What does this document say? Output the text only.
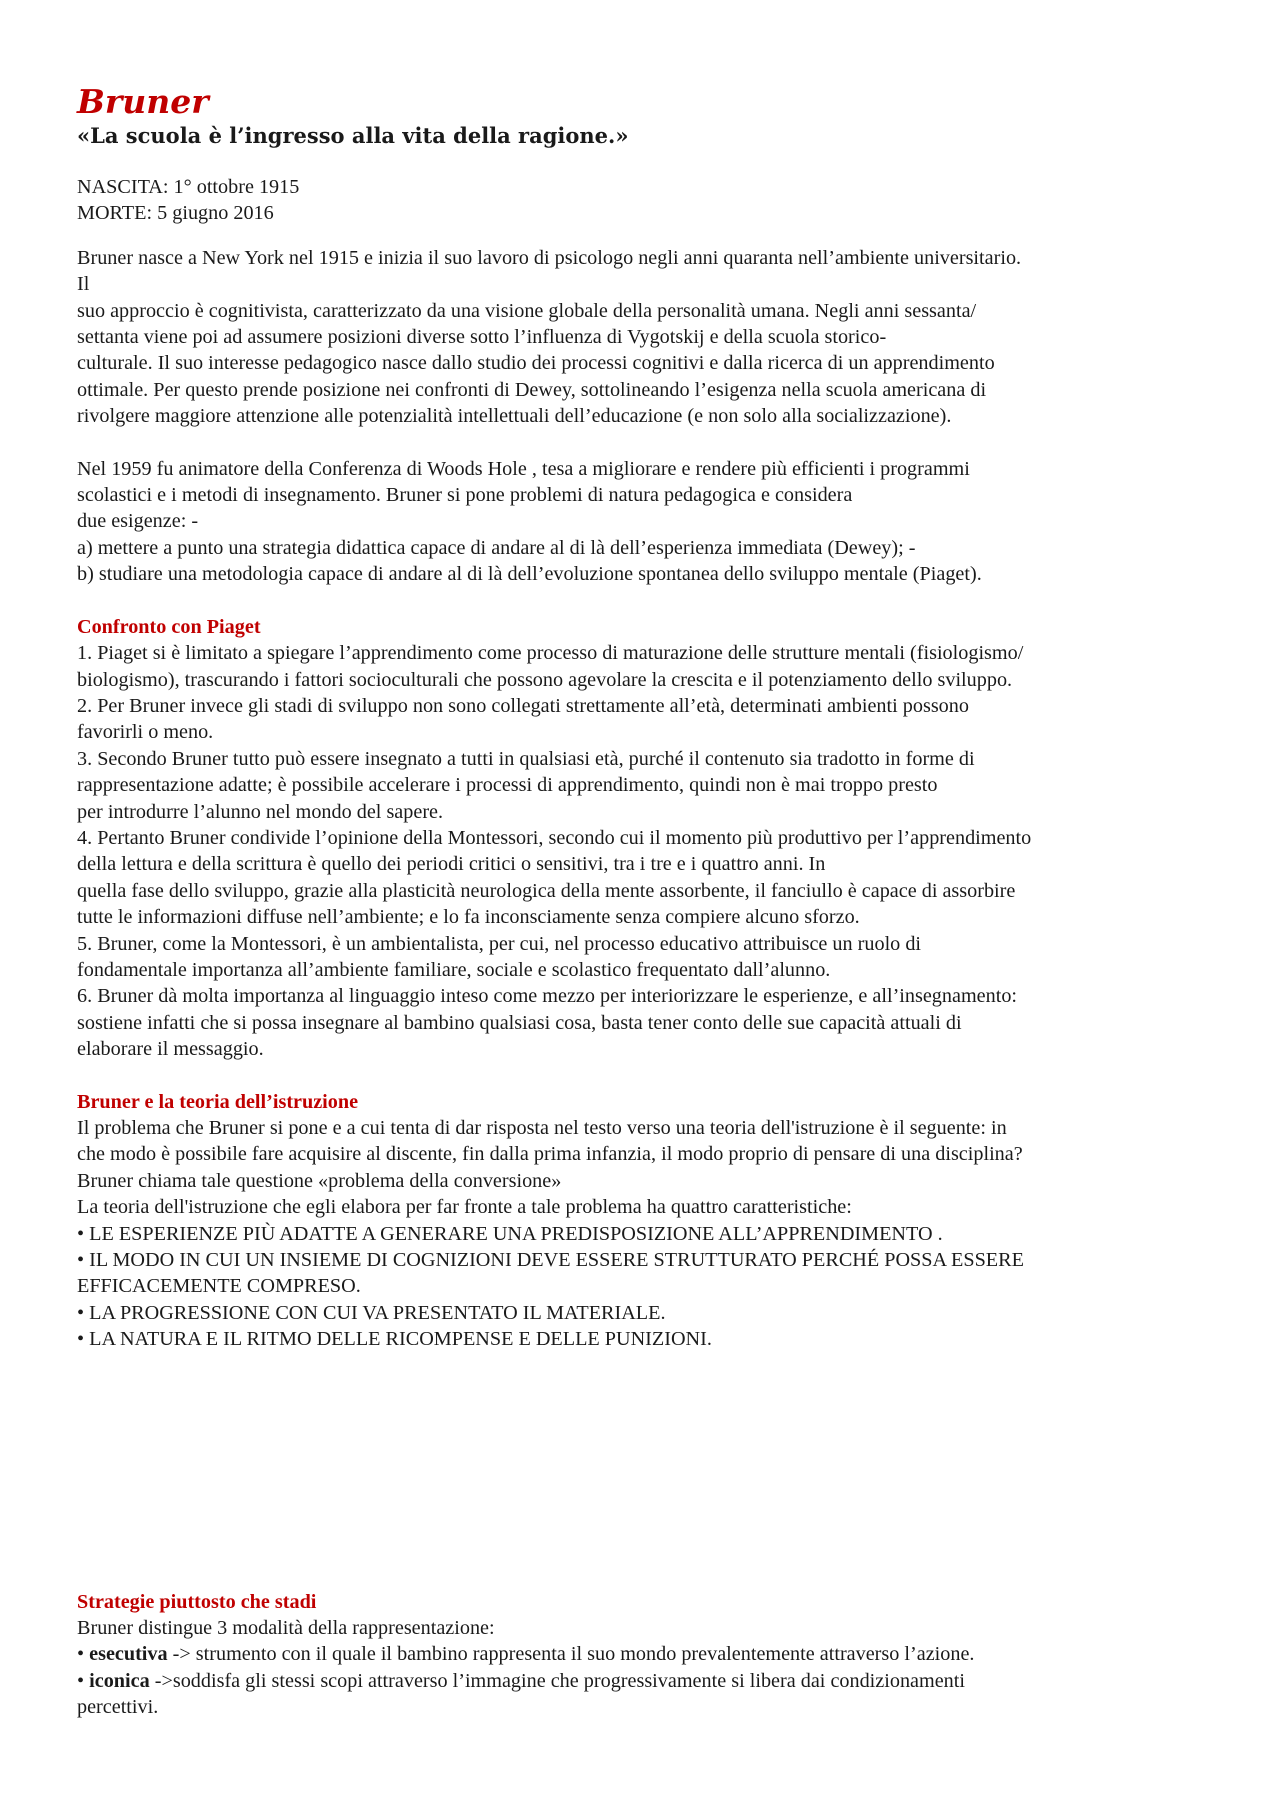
Bruner

«La scuola è l’ingresso alla vita della ragione.»

NASCITA: 1° ottobre 1915
MORTE: 5 giugno 2016
Bruner nasce a New York nel 1915 e inizia il suo lavoro di psicologo negli anni quaranta nell’ambiente universitario.
Il
suo approccio è cognitivista, caratterizzato da una visione globale della personalità umana. Negli anni sessanta/
settanta viene poi ad assumere posizioni diverse sotto l’influenza di Vygotskij e della scuola storico-
culturale. Il suo interesse pedagogico nasce dallo studio dei processi cognitivi e dalla ricerca di un apprendimento
ottimale. Per questo prende posizione nei confronti di Dewey, sottolineando l’esigenza nella scuola americana di
rivolgere maggiore attenzione alle potenzialità intellettuali dell’educazione (e non solo alla socializzazione).
Nel 1959 fu animatore della Conferenza di Woods Hole , tesa a migliorare e rendere più efficienti i programmi
scolastici e i metodi di insegnamento. Bruner si pone problemi di natura pedagogica e considera
due esigenze: -
a) mettere a punto una strategia didattica capace di andare al di là dell’esperienza immediata (Dewey); -
b) studiare una metodologia capace di andare al di là dell’evoluzione spontanea dello sviluppo mentale (Piaget).
Confronto con Piaget
1. Piaget si è limitato a spiegare l’apprendimento come processo di maturazione delle strutture mentali (fisiologismo/
biologismo), trascurando i fattori socioculturali che possono agevolare la crescita e il potenziamento dello sviluppo.
2. Per Bruner invece gli stadi di sviluppo non sono collegati strettamente all’età, determinati ambienti possono
favorirli o meno.
3. Secondo Bruner tutto può essere insegnato a tutti in qualsiasi età, purché il contenuto sia tradotto in forme di
rappresentazione adatte; è possibile accelerare i processi di apprendimento, quindi non è mai troppo presto
per introdurre l’alunno nel mondo del sapere.
4. Pertanto Bruner condivide l’opinione della Montessori, secondo cui il momento più produttivo per l’apprendimento
della lettura e della scrittura è quello dei periodi critici o sensitivi, tra i tre e i quattro anni. In
quella fase dello sviluppo, grazie alla plasticità neurologica della mente assorbente, il fanciullo è capace di assorbire
tutte le informazioni diffuse nell’ambiente; e lo fa inconsciamente senza compiere alcuno sforzo.
5. Bruner, come la Montessori, è un ambientalista, per cui, nel processo educativo attribuisce un ruolo di
fondamentale importanza all’ambiente familiare, sociale e scolastico frequentato dall’alunno.
6. Bruner dà molta importanza al linguaggio inteso come mezzo per interiorizzare le esperienze, e all’insegnamento:
sostiene infatti che si possa insegnare al bambino qualsiasi cosa, basta tener conto delle sue capacità attuali di
elaborare il messaggio.
Bruner e la teoria dell’istruzione
Il problema che Bruner si pone e a cui tenta di dar risposta nel testo verso una teoria dell'istruzione è il seguente: in
che modo è possibile fare acquisire al discente, fin dalla prima infanzia, il modo proprio di pensare di una disciplina?
Bruner chiama tale questione «problema della conversione»
La teoria dell'istruzione che egli elabora per far fronte a tale problema ha quattro caratteristiche:
• LE ESPERIENZE PIÙ ADATTE A GENERARE UNA PREDISPOSIZIONE ALL’APPRENDIMENTO .
• IL MODO IN CUI UN INSIEME DI COGNIZIONI DEVE ESSERE STRUTTURATO PERCHÉ POSSA ESSERE
EFFICACEMENTE COMPRESO.
• LA PROGRESSIONE CON CUI VA PRESENTATO IL MATERIALE.
• LA NATURA E IL RITMO DELLE RICOMPENSE E DELLE PUNIZIONI.
Strategie piuttosto che stadi
Bruner distingue 3 modalità della rappresentazione:
• esecutiva -> strumento con il quale il bambino rappresenta il suo mondo prevalentemente attraverso l’azione.
• iconica ->soddisfa gli stessi scopi attraverso l’immagine che progressivamente si libera dai condizionamenti
percettivi.
